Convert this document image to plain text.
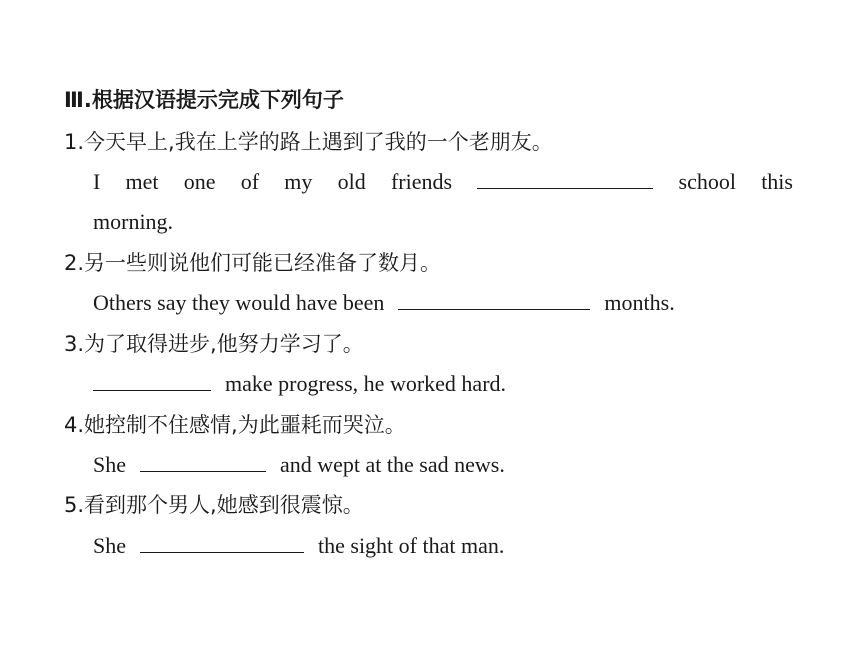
Ⅲ.根据汉语提示完成下列句子
1.今天早上,我在上学的路上遇到了我的一个老朋友。
I met one of my old friends	school this
morning.
2.另一些则说他们可能已经准备了数月。
Others say they would have been	months.
3.为了取得进步,他努力学习了。
make progress, he worked hard.
4.她控制不住感情,为此噩耗而哭泣。
She	and wept at the sad news.
5.看到那个男人,她感到很震惊。
She	the sight of that man.
